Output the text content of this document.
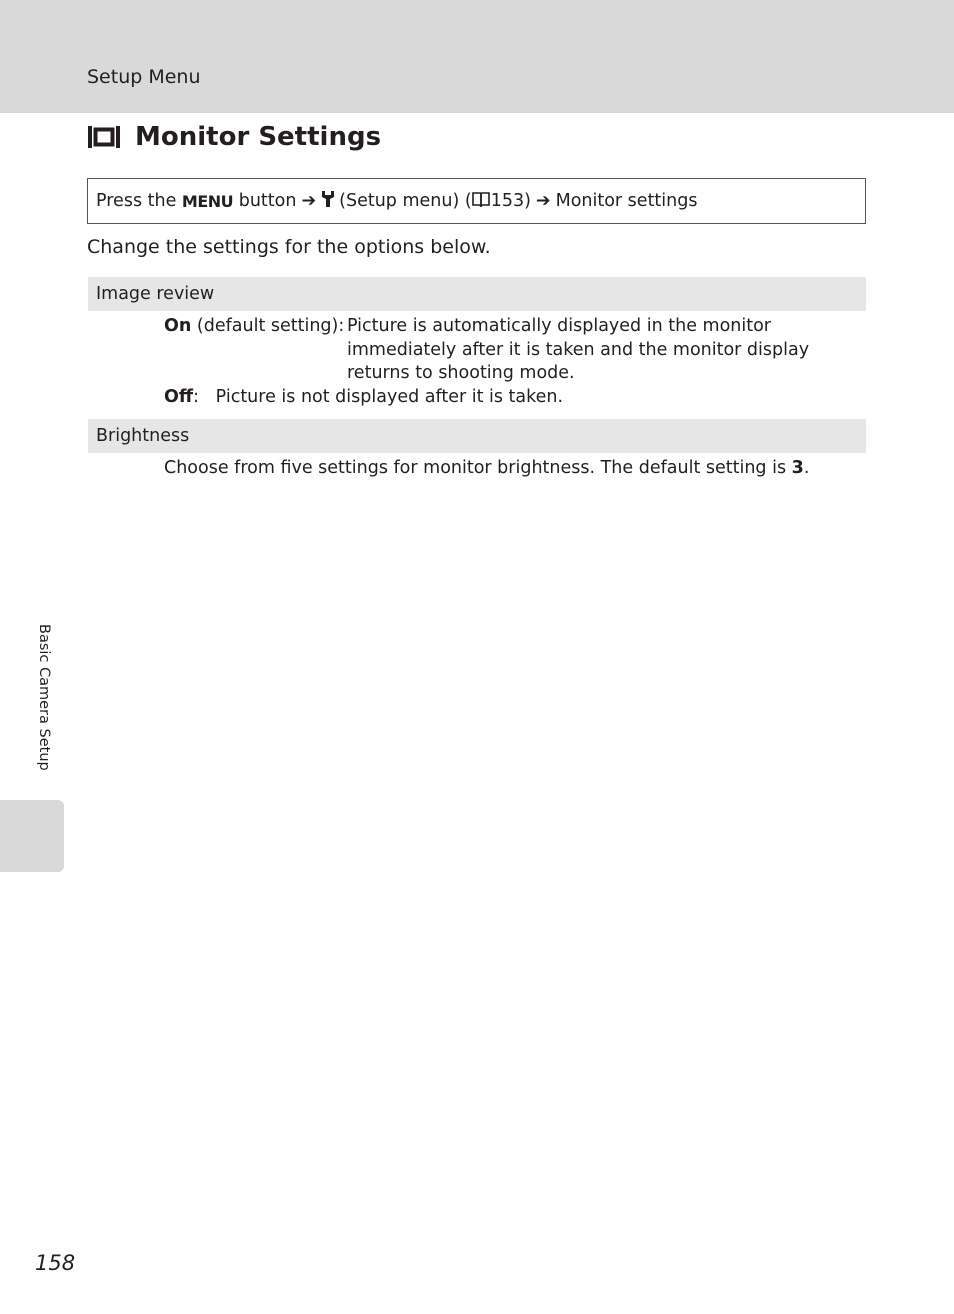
Setup Menu
Monitor Settings
Press the
MENU
button ➔ (Setup menu) ( 153) ➔ Monitor settings
Change the settings for the options below.
Image review
On (default setting): Picture is automatically displayed in the monitor immediately after it is taken and the monitor display returns to shooting mode.
Off: Picture is not displayed after it is taken.
Brightness
Choose from five settings for monitor brightness. The default setting is 3.
Basic Camera Setup
158
